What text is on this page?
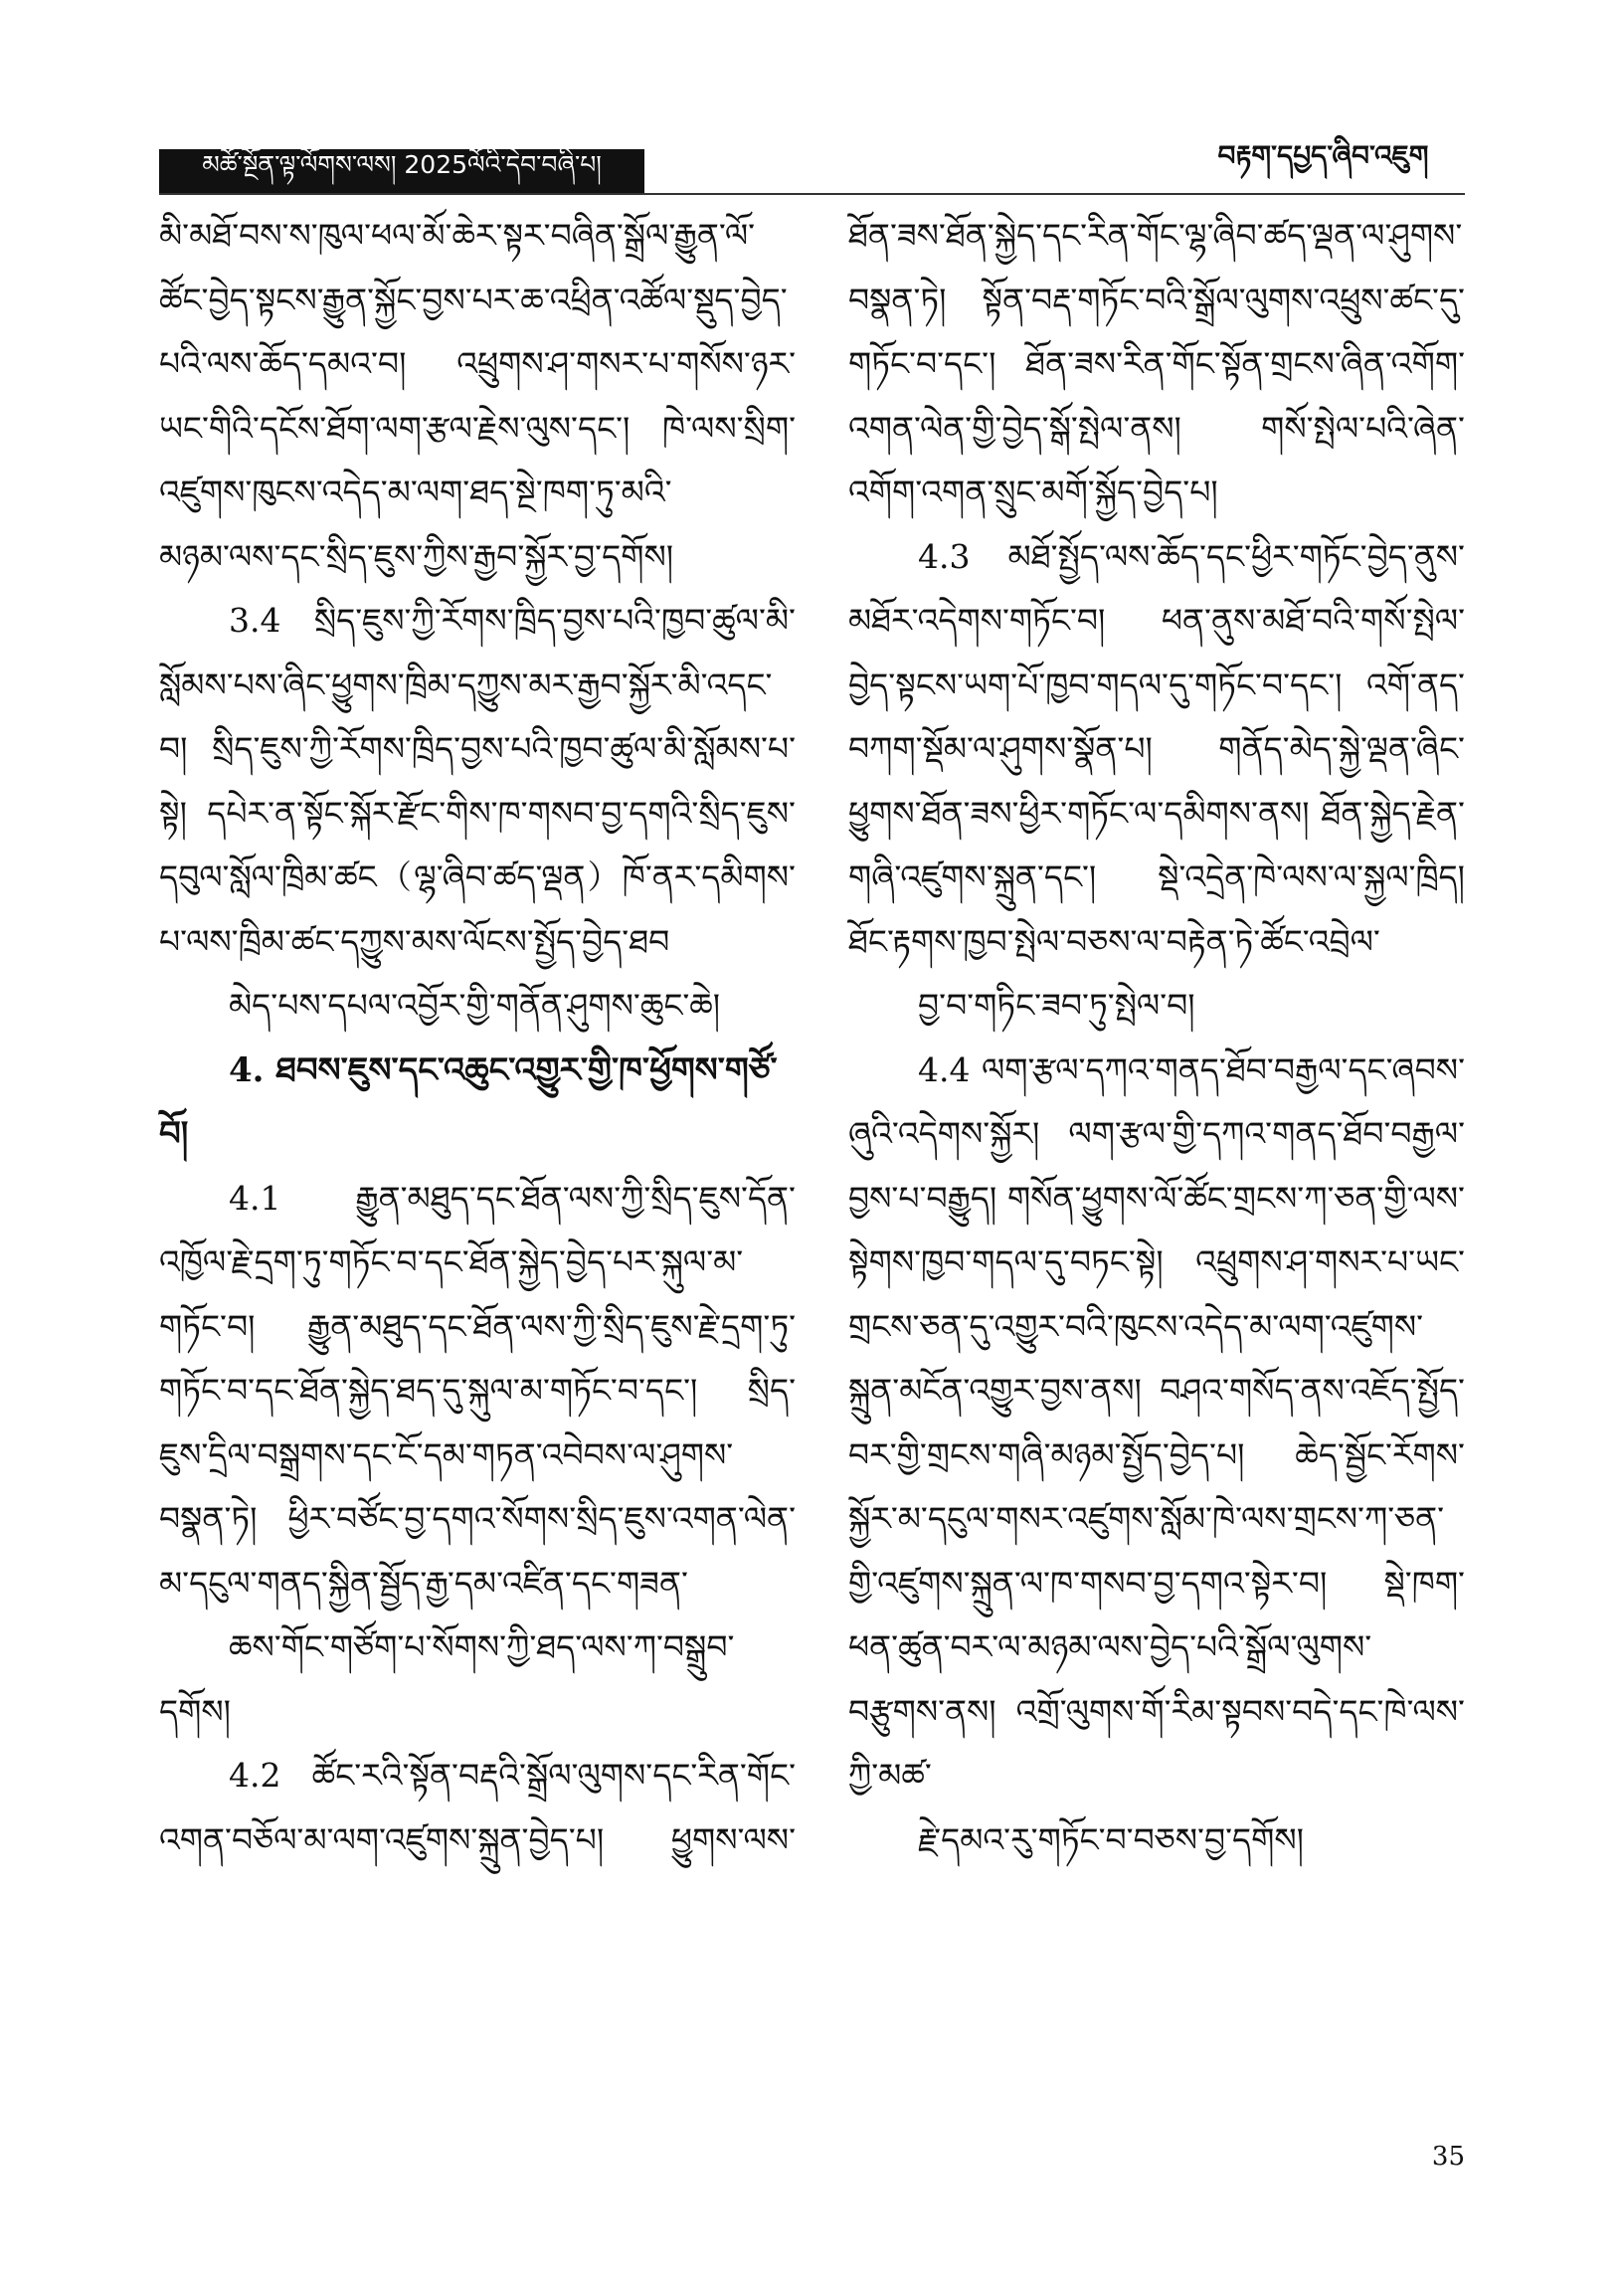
མཚོ་སྔོན་ལྟ་ལོགས་ལས། 2025ལོའི་དེབ་བཞི་པ།	བརྟག་དཔྱད་ཞིབ་འཇུག

མི་མཐོ་བས་ས་ཁུལ་ཕལ་མོ་ཆེར་སྟར་བཞིན་སྒྲོལ་རྒྱུན་ལོ་ཚོང་བྱེད་སྟངས་རྒྱུན་སྐྱོང་བྱས་པར་ཆ་འཕྲིན་འཚོལ་སྡུད་བྱེད་པའི་ལས་ཆོད་དམའ་བ། འཕྲུགས་ཤ་གསར་པ་གསོས་ཉར་ཡང་གིའི་དངོས་ཐོག་ལག་རྩལ་རྗེས་ལུས་དང་། ཁེ་ལས་སྲིག་འཛུགས་ཁུངས་འདེད་མ་ལག་ཐད་སྔེ་ཁག་ཏུ་མའི་
མཉམ་ལས་དང་སྲིད་ཇུས་ཀྱིས་རྒྱབ་སྐྱོར་བྱ་དགོས།

3.4 སྲིད་ཇུས་ཀྱི་རོགས་ཁྲིད་བྱས་པའི་ཁྱབ་ཚུལ་མི་སློམས་པས་ཞིང་ཕྱུགས་ཁྲིམ་དཀྱུས་མར་རྒྱབ་སྐྱོར་མི་འདང་བ། སྲིད་ཇུས་ཀྱི་རོགས་ཁྲིད་བྱས་པའི་ཁྱབ་ཚུལ་མི་སློམས་པ་སྟེ། དཔེར་ན་སྟོང་སྐོར་རྫོང་གིས་ཁ་གསབ་བྱ་དགའི་སྲིད་ཇུས་དབུལ་སློལ་ཁྲིམ་ཚང（ལྷ་ཞིབ་ཚད་ལྡན）ཁོ་ནར་དམིགས་པ་ལས་ཁྲིམ་ཚང་དཀྱུས་མས་ལོངས་སྤྱོད་བྱེད་ཐབ
མེད་པས་དཔལ་འབྱོར་གྱི་གནོན་ཤུགས་ཆུང་ཆེ།

4. ཐབས་ཇུས་དང་འཆུང་འགྱུར་གྱི་ཁ་ཕྱོགས་གཙོ་བོ།

4.1 རྒྱུན་མཐུད་དང་ཐོན་ལས་ཀྱི་སྲིད་ཇུས་དོན་འཁྱོལ་རྗེ་དྲག་ཏུ་གཏོང་བ་དང་ཐོན་སྐྱེད་བྱེད་པར་སྐུལ་མ་གཏོང་བ། རྒྱུན་མཐུད་དང་ཐོན་ལས་ཀྱི་སྲིད་ཇུས་རྗེ་དྲག་ཏུ་གཏོང་བ་དང་ཐོན་སྐྱེད་ཐད་དུ་སྐུལ་མ་གཏོང་བ་དང་། སྲིད་ཇུས་དྲིལ་བསྒྲགས་དང་ངོ་དམ་གཏན་འབེབས་ལ་ཤུགས་བསྣན་ཏེ། ཕྱིར་བཙོང་བྱ་དགའ་སོགས་སྲིད་ཇུས་འགན་ལེན་མ་དངུལ་གནད་སྐྱིན་སྦྱོད་རྒྱ་དམ་འཛིན་དང་གཟན་
ཆས་གོང་གཙོག་པ་སོགས་ཀྱི་ཐད་ལས་ཀ་བསྒྲུབ་དགོས།

4.2 ཚོང་རའི་སྟོན་བརྡའི་སྒྲོལ་ལུགས་དང་རིན་གོང་འགན་བཅོལ་མ་ལག་འཛུགས་སྐྲུན་བྱེད་པ། ཕྱུགས་ལས་

ཐོན་ཟས་ཐོན་སྐྱེད་དང་རིན་གོང་ལྷ་ཞིབ་ཚད་ལྡན་ལ་ཤུགས་བསྣན་ཏེ། སྟོན་བརྡ་གཏོང་བའི་སྒྲོལ་ལུགས་འཕྲུས་ཚང་དུ་གཏོང་བ་དང་། ཐོན་ཟས་རིན་གོང་སྟོན་གྲངས་ཞིན་འགོག་འགན་ལེན་གྱི་བྱེད་སྒོ་སྤེལ་ནས། གསོ་སྤེལ་པའི་ཞེན་
འགོག་འགན་སྲུང་མགོ་སྐྱོད་བྱེད་པ།

4.3 མཐོ་སྤྱོད་ལས་ཆོད་དང་ཕྱིར་གཏོང་བྱེད་ནུས་མཐོར་འདེགས་གཏོང་བ། ཕན་ནུས་མཐོ་བའི་གསོ་སྤེལ་བྱེད་སྟངས་ཡག་པོ་ཁྱབ་གདལ་དུ་གཏོང་བ་དང་། འགོ་ནད་བཀག་སྡོམ་ལ་ཤུགས་སྣོན་པ། གནོད་མེད་སྐྱེ་ལྡན་ཞིང་ཕྱུགས་ཐོན་ཟས་ཕྱིར་གཏོང་ལ་དམིགས་ནས། ཐོན་སྐྱེད་རྗེན་གཞི་འཛུགས་སྐྲུན་དང་། སྡེ་འདྲེན་ཁེ་ལས་ལ་སྐྱལ་ཁྲིད། ཐོང་རྟགས་ཁྱབ་སྤེལ་བཅས་ལ་བརྟེན་ཏེ་ཚོང་འབྲེལ་
བྱ་བ་གཏིང་ཟབ་ཏུ་སྤེལ་བ།

4.4 ལག་རྩལ་དཀའ་གནད་ཐོབ་བརྒྱལ་དང་ཞབས་ཞུའི་འདེགས་སྐྱོར། ལག་རྩལ་གྱི་དཀའ་གནད་ཐོབ་བརྒྱལ་བྱས་པ་བརྒྱུད། གསོན་ཕྱུགས་ལོ་ཚོང་གྲངས་ཀ་ཅན་གྱི་ལས་སྟེགས་ཁྱབ་གདལ་དུ་བཏང་སྟེ། འཕྲུགས་ཤ་གསར་པ་ཡང་གྲངས་ཅན་དུ་འགྱུར་བའི་ཁུངས་འདེད་མ་ལག་འཛུགས་སྐྲུན་མངོན་འགྱུར་བྱས་ནས། བཤའ་གསོད་ནས་འཇོད་སྤྱོད་བར་གྱི་གྲངས་གཞི་མཉམ་སྤྱོད་བྱེད་པ། ཆེད་སྦྱོང་རོགས་སྐྱོར་མ་དངུལ་གསར་འཛུགས་སློམ་ཁེ་ལས་གྲངས་ཀ་ཅན་གྱི་འཛུགས་སྐྲུན་ལ་ཁ་གསབ་བྱ་དགའ་སྟེར་བ། སྡེ་ཁག་ཕན་ཚུན་བར་ལ་མཉམ་ལས་བྱེད་པའི་སྒྲོལ་ལུགས་བརྩུགས་ནས། འགྲོ་ལུགས་གོ་རིམ་སྟབས་བདེ་དང་ཁེ་ལས་ཀྱི་མཚ་
རྗེ་དམའ་རུ་གཏོང་བ་བཅས་བྱ་དགོས།

35
